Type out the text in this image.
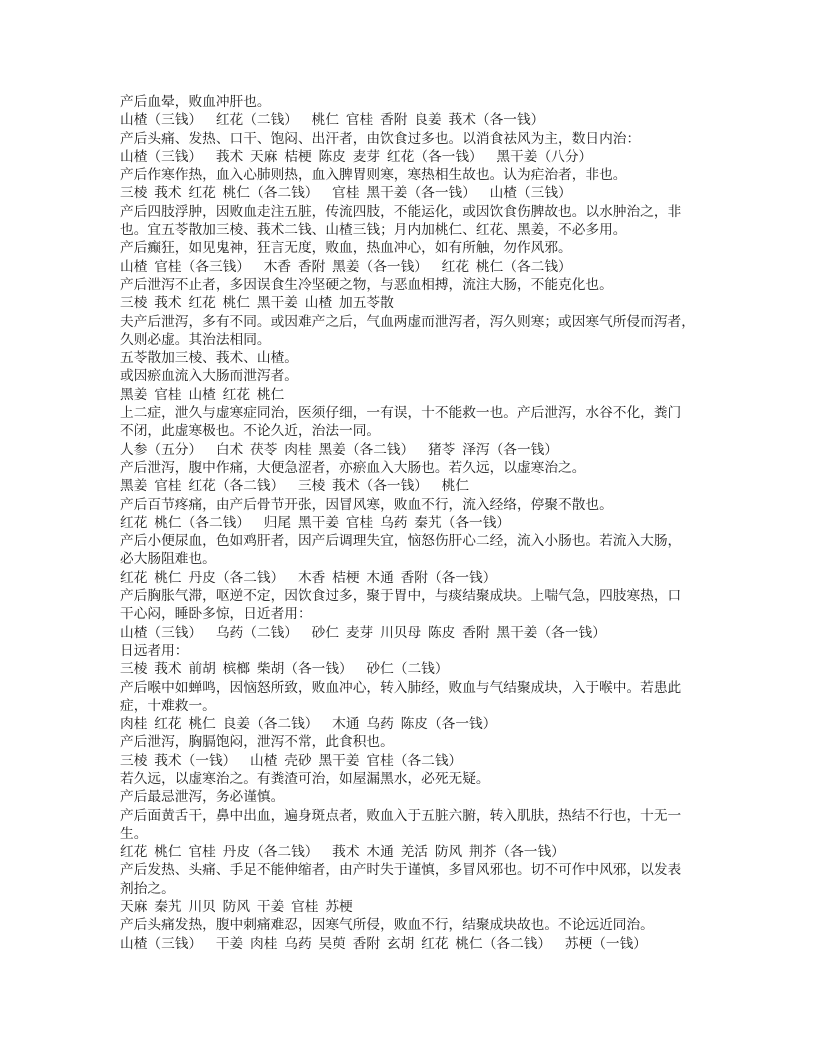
产后血晕，败血冲肝也。
山楂（三钱）    红花（二钱）    桃仁  官桂  香附  良姜  莪术（各一钱）
产后头痛、发热、口干、饱闷、出汗者，由饮食过多也。以消食祛风为主，数日内治：
山楂（三钱）    莪术  天麻  桔梗  陈皮  麦芽  红花（各一钱）    黑干姜（八分）
产后作寒作热，血入心肺则热，血入脾胃则寒，寒热相生故也。认为疟治者，非也。
三棱  莪术  红花  桃仁（各二钱）    官桂  黑干姜（各一钱）    山楂（三钱）
产后四肢浮肿，因败血走注五脏，传流四肢，不能运化，或因饮食伤脾故也。以水肿治之，非
也。宜五苓散加三棱、莪术二钱、山楂三钱；月内加桃仁、红花、黑姜，不必多用。
产后癫狂，如见鬼神，狂言无度，败血，热血冲心，如有所触，勿作风邪。
山楂  官桂（各三钱）    木香  香附  黑姜（各一钱）    红花  桃仁（各二钱）
产后泄泻不止者，多因误食生冷坚硬之物，与恶血相搏，流注大肠，不能克化也。
三棱  莪术  红花  桃仁  黑干姜  山楂  加五苓散
夫产后泄泻，多有不同。或因难产之后，气血两虚而泄泻者，泻久则寒；或因寒气所侵而泻者，
久则必虚。其治法相同。
五苓散加三棱、莪术、山楂。
或因瘀血流入大肠而泄泻者。
黑姜  官桂  山楂  红花  桃仁
上二症，泄久与虚寒症同治，医须仔细，一有误，十不能救一也。产后泄泻，水谷不化，粪门
不闭，此虚寒极也。不论久近，治法一同。
人参（五分）    白术  茯苓  肉桂  黑姜（各二钱）    猪苓  泽泻（各一钱）
产后泄泻，腹中作痛，大便急涩者，亦瘀血入大肠也。若久远，以虚寒治之。
黑姜  官桂  红花（各二钱）    三棱  莪术（各一钱）    桃仁
产后百节疼痛，由产后骨节开张，因冒风寒，败血不行，流入经络，停聚不散也。
红花  桃仁（各二钱）    归尾  黑干姜  官桂  乌药  秦艽（各一钱）
产后小便尿血，色如鸡肝者，因产后调理失宜，恼怒伤肝心二经，流入小肠也。若流入大肠，
必大肠阻难也。
红花  桃仁  丹皮（各二钱）    木香  桔梗  木通  香附（各一钱）
产后胸胀气滞，呕逆不定，因饮食过多，聚于胃中，与痰结聚成块。上喘气急，四肢寒热，口
干心闷，睡卧多惊，日近者用：
山楂（三钱）    乌药（二钱）    砂仁  麦芽  川贝母  陈皮  香附  黑干姜（各一钱）
日远者用：
三棱  莪术  前胡  槟榔  柴胡（各一钱）    砂仁（二钱）
产后喉中如蝉鸣，因恼怒所致，败血冲心，转入肺经，败血与气结聚成块，入于喉中。若患此
症，十难救一。
肉桂  红花  桃仁  良姜（各二钱）    木通  乌药  陈皮（各一钱）
产后泄泻，胸膈饱闷，泄泻不常，此食积也。
三棱  莪术（一钱）    山楂  壳砂  黑干姜  官桂（各二钱）
若久远，以虚寒治之。有粪渣可治，如屋漏黑水，必死无疑。
产后最忌泄泻，务必谨慎。
产后面黄舌干，鼻中出血，遍身斑点者，败血入于五脏六腑，转入肌肤，热结不行也，十无一
生。
红花  桃仁  官桂  丹皮（各二钱）    莪术  木通  羌活  防风  荆芥（各一钱）
产后发热、头痛、手足不能伸缩者，由产时失于谨慎，多冒风邪也。切不可作中风邪，以发表
剂抬之。
天麻  秦艽  川贝  防风  干姜  官桂  苏梗
产后头痛发热，腹中刺痛难忍，因寒气所侵，败血不行，结聚成块故也。不论远近同治。
山楂（三钱）    干姜  肉桂  乌药  吴萸  香附  玄胡  红花  桃仁（各二钱）    苏梗（一钱）
